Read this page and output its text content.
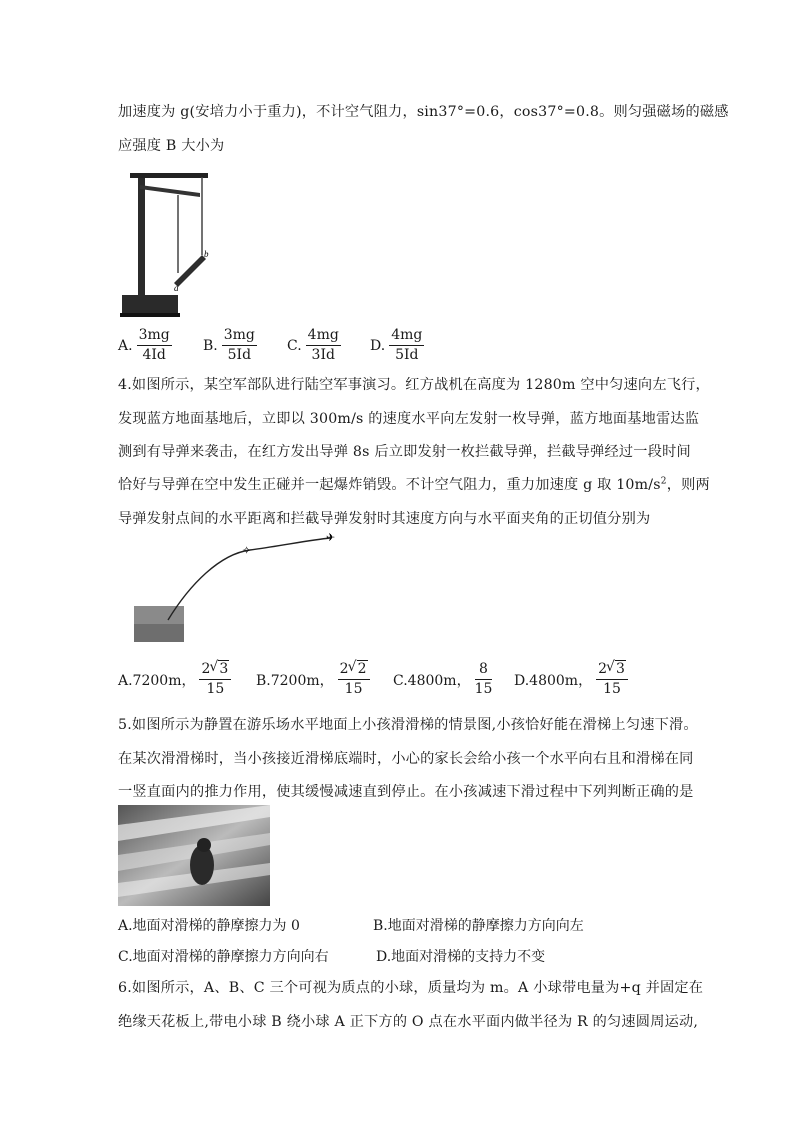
加速度为 g(安培力小于重力)，不计空气阻力，sin37°=0.6，cos37°=0.8。则匀强磁场的磁感
应强度 B 大小为
b
a
A. $\frac{3mg}{4Id} B$. $\frac{3mg}{5Id} C$. $\frac{4mg}{3Id} D$. $\frac{4mg}{5Id}$
4.如图所示，某空军部队进行陆空军事演习。红方战机在高度为 1280m 空中匀速向左飞行，
发现蓝方地面基地后，立即以 300m/s 的速度水平向左发射一枚导弹，蓝方地面基地雷达监
测到有导弹来袭击，在红方发出导弹 8s 后立即发射一枚拦截导弹，拦截导弹经过一段时间
恰好与导弹在空中发生正碰并一起爆炸销毁。不计空气阻力，重力加速度 g 取 $10m/s^2$，则两
导弹发射点间的水平距离和拦截导弹发射时其速度方向与水平面夹角的正切值分别为
✧
✈
A.7200m， $\frac{2 √ 3}{15} B.7200m$， $\frac{2 √ 2}{15} C.4800m$， $\frac{8}{15} D.4800m$， $\frac{2 √ 3}{15}$
5.如图所示为静置在游乐场水平地面上小孩滑滑梯的情景图,小孩恰好能在滑梯上匀速下滑。
在某次滑滑梯时，当小孩接近滑梯底端时，小心的家长会给小孩一个水平向右且和滑梯在同
一竖直面内的推力作用，使其缓慢减速直到停止。在小孩减速下滑过程中下列判断正确的是
A.地面对滑梯的静摩擦力为 0	B.地面对滑梯的静摩擦力方向向左
C.地面对滑梯的静摩擦力方向向右	D.地面对滑梯的支持力不变
6.如图所示，A、B、C 三个可视为质点的小球，质量均为 m。A 小球带电量为+q 并固定在
绝缘天花板上,带电小球 B 绕小球 A 正下方的 O 点在水平面内做半径为 R 的匀速圆周运动,
